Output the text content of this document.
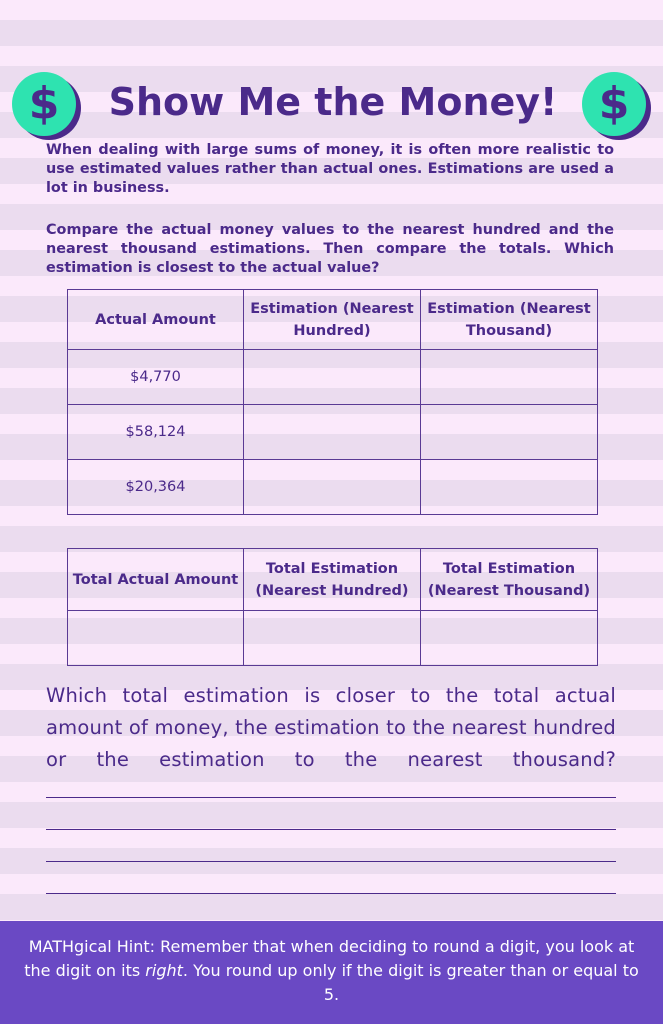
$	Show Me the Money! $

When dealing with large sums of money, it is often more realistic to use estimated values rather than actual ones. Estimations are used a lot in business.

Compare the actual money values to the nearest hundred and the nearest thousand estimations. Then compare the totals. Which estimation is closest to the actual value?

Actual Amount	Estimation (Nearest Hundred)	Estimation (Nearest Thousand)
$4,770		
$58,124		
$20,364		
Total Actual Amount	Total Estimation (Nearest Hundred)	Total Estimation (Nearest Thousand)

Which total estimation is closer to the total actual amount of money, the estimation to the nearest hundred or the estimation to the nearest thousand?

MATHgical Hint: Remember that when deciding to round a digit, you look at the digit on its right. You round up only if the digit is greater than or equal to 5.
